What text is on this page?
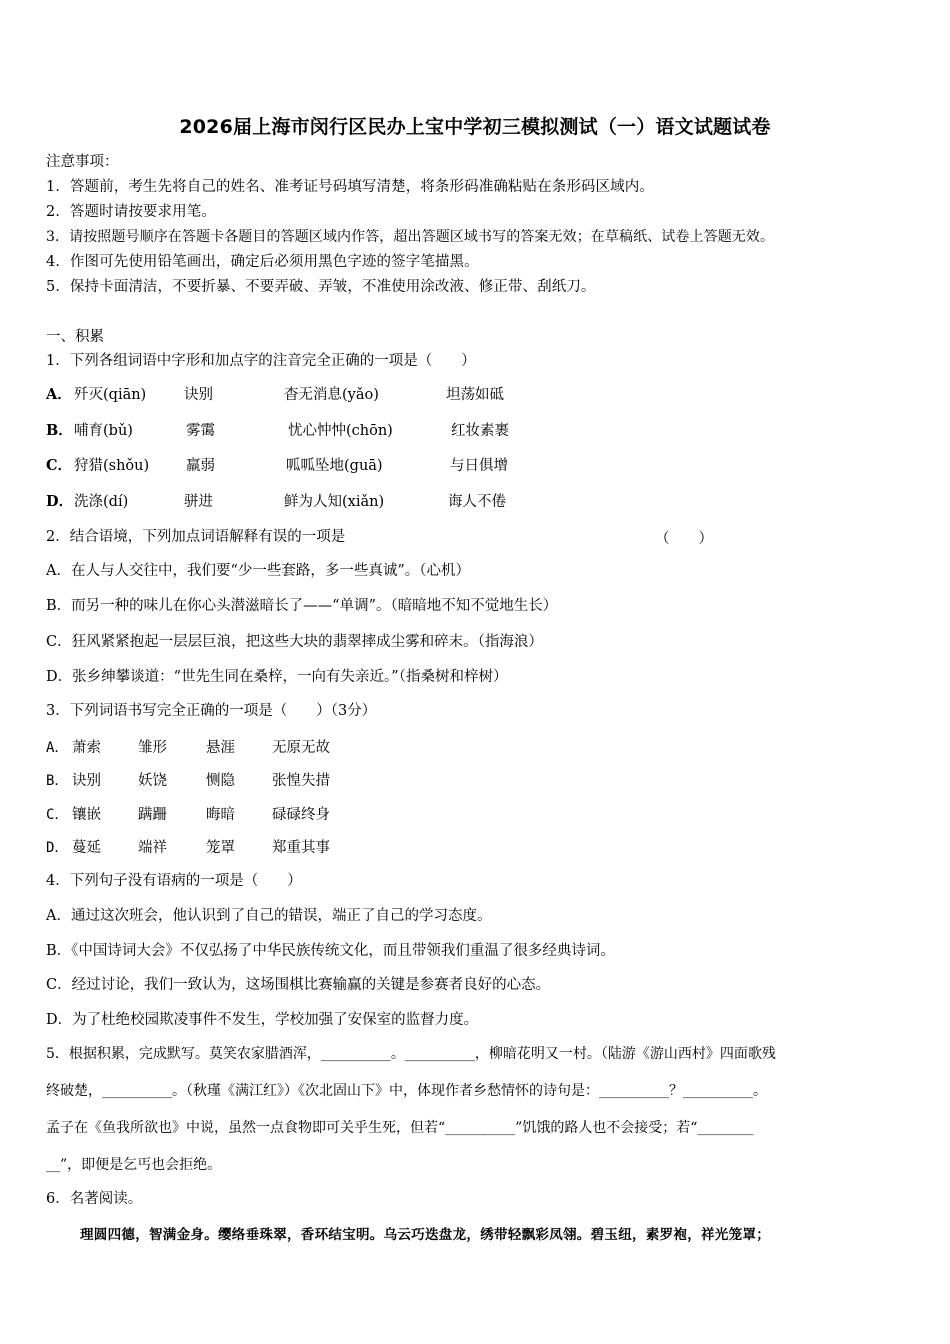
2026届上海市闵行区民办上宝中学初三模拟测试（一）语文试题试卷
注意事项：
1．答题前，考生先将自己的姓名、准考证号码填写清楚，将条形码准确粘贴在条形码区域内。
2．答题时请按要求用笔。
3．请按照题号顺序在答题卡各题目的答题区域内作答，超出答题区域书写的答案无效；在草稿纸、试卷上答题无效。
4．作图可先使用铅笔画出，确定后必须用黑色字迹的签字笔描黑。
5．保持卡面清洁，不要折暴、不要弄破、弄皱，不准使用涂改液、修正带、刮纸刀。
一、积累
1．下列各组词语中字形和加点字的注音完全正确的一项是（　　）
A． 歼灭(qiān)	诀别	杳无消息(yǎo)	坦荡如砥
B． 哺育(bǔ)	雾霭	忧心忡忡(chōn)	红妆素裹
C． 狩猎(shǒu)	羸弱	呱呱坠地(guā)	与日俱增
D． 洗涤(dí)	骈进	鲜为人知(xiǎn)	诲人不倦
2．结合语境，下列加点词语解释有误的一项是	（　　）
A．在人与人交往中，我们要“少一些套路，多一些真诚”。（心机）
B．而另一种的味儿在你心头潜滋暗长了——“单调”。（暗暗地不知不觉地生长）
C．狂风紧紧抱起一层层巨浪，把这些大块的翡翠摔成尘雾和碎末。（指海浪）
D．张乡绅攀谈道：“世先生同在桑梓，一向有失亲近。”（指桑树和梓树）
3．下列词语书写完全正确的一项是（　　）（3分）
A． 萧索	雏形	悬涯	无原无故
B． 诀别	妖饶	恻隐	张惶失措
C． 镶嵌	蹒跚	晦暗	碌碌终身
D． 蔓延	端祥	笼罩	郑重其事
4．下列句子没有语病的一项是（　　）
A．通过这次班会，他认识到了自己的错误，端正了自己的学习态度。
B．《中国诗词大会》不仅弘扬了中华民族传统文化，而且带领我们重温了很多经典诗词。
C．经过讨论，我们一致认为，这场围棋比赛输赢的关键是参赛者良好的心态。
D．为了杜绝校园欺凌事件不发生，学校加强了安保室的监督力度。
5．根据积累，完成默写。莫笑农家腊酒浑，__________。__________，柳暗花明又一村。（陆游《游山西村》四面歌残
终破楚，__________。（秋瑾《满江红》）《次北固山下》中，体现作者乡愁情怀的诗句是：__________？__________。
孟子在《鱼我所欲也》中说，虽然一点食物即可关乎生死，但若“__________”饥饿的路人也不会接受；若“________
__”，即便是乞丐也会拒绝。
6．名著阅读。
理圆四德，智满金身。缨络垂珠翠，香环结宝明。乌云巧迭盘龙，绣带轻飘彩凤翎。碧玉纽，素罗袍，祥光笼罩；
